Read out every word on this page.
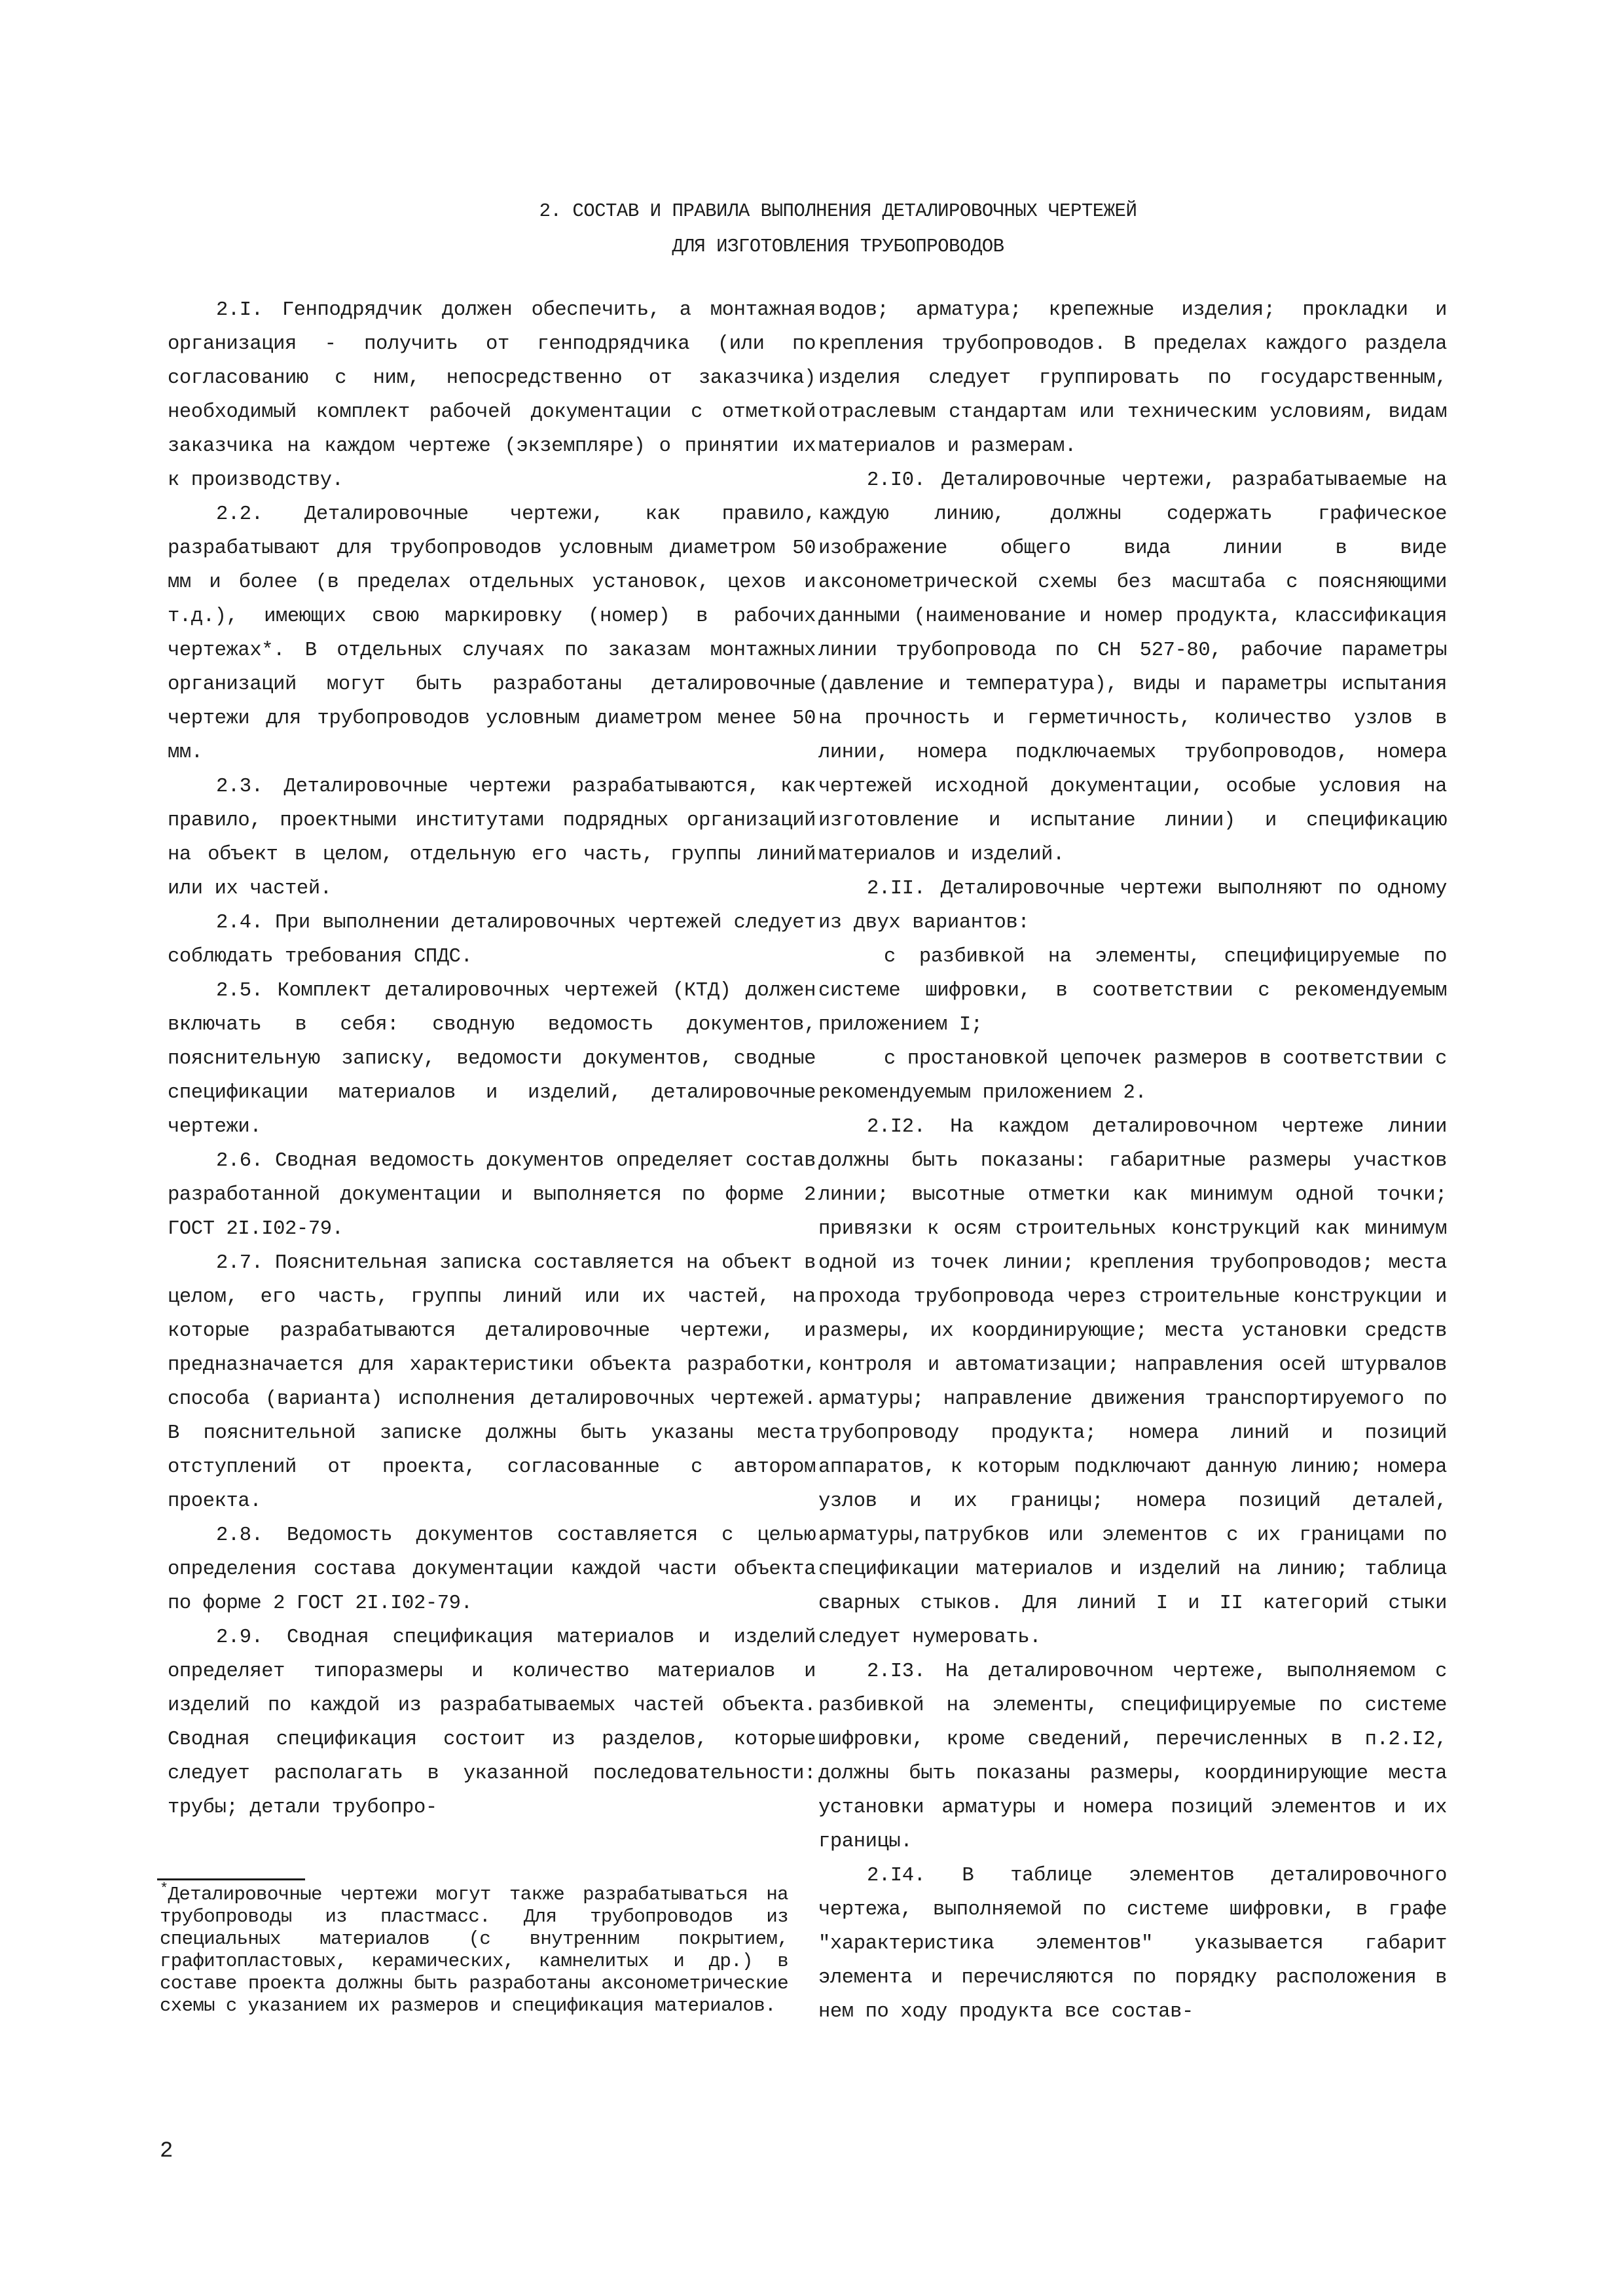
2. СОСТАВ И ПРАВИЛА ВЫПОЛНЕНИЯ ДЕТАЛИРОВОЧНЫХ ЧЕРТЕЖЕЙ
ДЛЯ ИЗГОТОВЛЕНИЯ ТРУБОПРОВОДОВ

2.I. Генподрядчик должен обеспечить, а монтажная организация - получить от генподрядчика (или по согласованию с ним, непосредственно от заказчика) необходимый комплект рабочей документации с отметкой заказчика на каждом чертеже (экземпляре) о принятии их к производству.

2.2. Деталировочные чертежи, как правило, разрабатывают для трубопроводов условным диаметром 50 мм и более (в пределах отдельных установок, цехов и т.д.), имеющих свою маркировку (номер) в рабочих чертежах*. В отдельных случаях по заказам монтажных организаций могут быть разработаны деталировочные чертежи для трубопроводов условным диаметром менее 50 мм.

2.3. Деталировочные чертежи разрабатываются, как правило, проектными институтами подрядных организаций на объект в целом, отдельную его часть, группы линий или их частей.

2.4. При выполнении деталировочных чертежей следует соблюдать требования СПДС.

2.5. Комплект деталировочных чертежей (КТД) должен включать в себя: сводную ведомость документов, пояснительную записку, ведомости документов, сводные спецификации материалов и изделий, деталировочные чертежи.

2.6. Сводная ведомость документов определяет состав разработанной документации и выполняется по форме 2 ГОСТ 2I.I02-79.

2.7. Пояснительная записка составляется на объект в целом, его часть, группы линий или их частей, на которые разрабатываются деталировочные чертежи, и предназначается для характеристики объекта разработки, способа (варианта) исполнения деталировочных чертежей. В пояснительной записке должны быть указаны места отступлений от проекта, согласованные с автором проекта.

2.8. Ведомость документов составляется с целью определения состава документации каждой части объекта по форме 2 ГОСТ 2I.I02-79.

2.9. Сводная спецификация материалов и изделий определяет типоразмеры и количество материалов и изделий по каждой из разрабатываемых частей объекта. Сводная спецификация состоит из разделов, которые следует располагать в указанной последовательности: трубы; детали трубопро-

водов; арматура; крепежные изделия; прокладки и крепления трубопроводов. В пределах каждого раздела изделия следует группировать по государственным, отраслевым стандартам или техническим условиям, видам материалов и размерам.

2.I0. Деталировочные чертежи, разрабатываемые на каждую линию, должны содержать графическое изображение общего вида линии в виде аксонометрической схемы без масштаба с поясняющими данными (наименование и номер продукта, классификация линии трубопровода по СН 527-80, рабочие параметры (давление и температура), виды и параметры испытания на прочность и герметичность, количество узлов в линии, номера подключаемых трубопроводов, номера чертежей исходной документации, особые условия на изготовление и испытание линии) и спецификацию материалов и изделий.

2.II. Деталировочные чертежи выполняют по одному из двух вариантов:

с разбивкой на элементы, специфицируемые по системе шифровки, в соответствии с рекомендуемым приложением I;

с простановкой цепочек размеров в соответствии с рекомендуемым приложением 2.

2.I2. На каждом деталировочном чертеже линии должны быть показаны: габаритные размеры участков линии; высотные отметки как минимум одной точки; привязки к осям строительных конструкций как минимум одной из точек линии; крепления трубопроводов; места прохода трубопровода через строительные конструкции и размеры, их координирующие; места установки средств контроля и автоматизации; направления осей штурвалов арматуры; направление движения транспортируемого по трубопроводу продукта; номера линий и позиций аппаратов, к которым подключают данную линию; номера узлов и их границы; номера позиций деталей, арматуры,патрубков или элементов с их границами по спецификации материалов и изделий на линию; таблица сварных стыков. Для линий I и II категорий стыки следует нумеровать.

2.I3. На деталировочном чертеже, выполняемом с разбивкой на элементы, специфицируемые по системе шифровки, кроме сведений, перечисленных в п.2.I2, должны быть показаны размеры, координирующие места установки арматуры и номера позиций элементов и их границы.

2.I4. В таблице элементов деталировочного чертежа, выполняемой по системе шифровки, в графе "характеристика элементов" указывается габарит элемента и перечисляются по порядку расположения в нем по ходу продукта все состав-

*Деталировочные чертежи могут также разрабатываться на трубопроводы из пластмасс. Для трубопроводов из специальных материалов (с внутренним покрытием, графитопластовых, керамических, камнелитых и др.) в составе проекта должны быть разработаны аксонометрические схемы с указанием их размеров и спецификация материалов.

2
